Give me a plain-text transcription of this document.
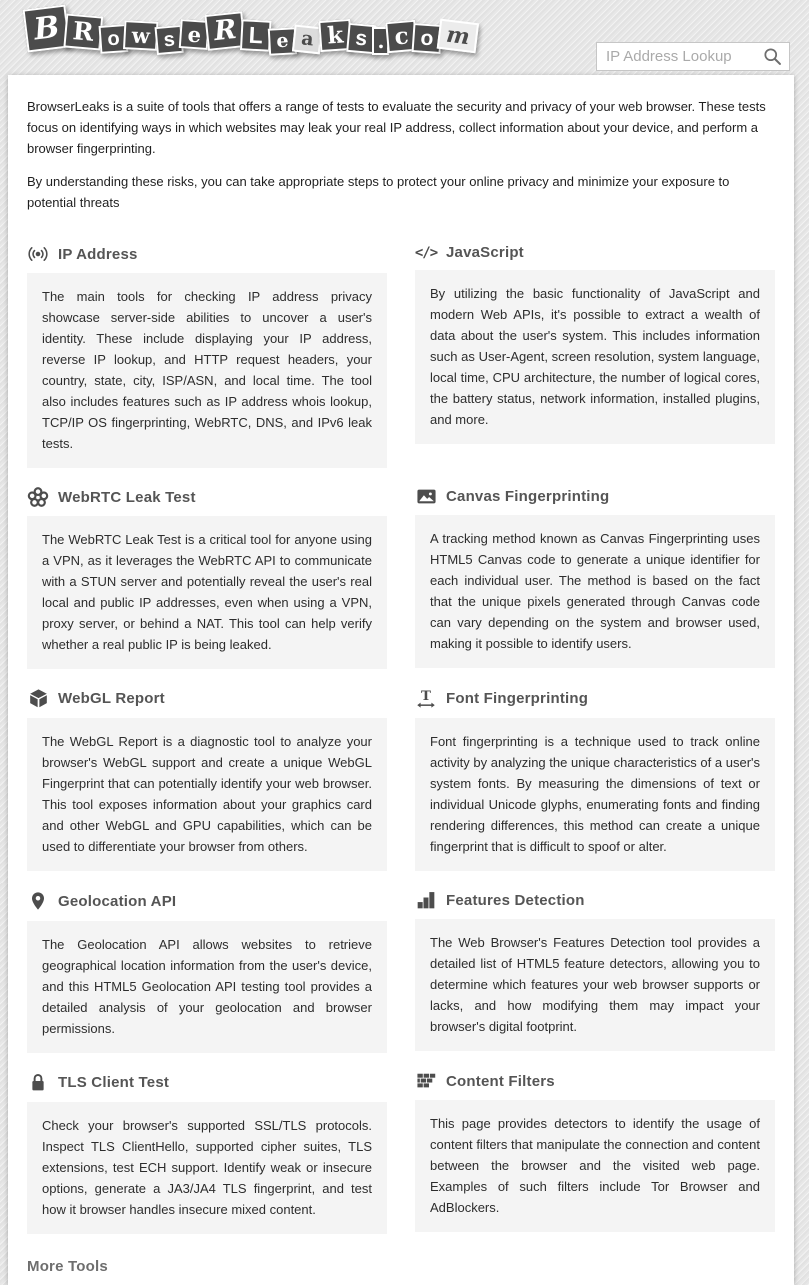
B R o w s e R L e a k s . c o m
IP Address Lookup

BrowserLeaks is a suite of tools that offers a range of tests to evaluate the security and privacy of your web browser. These tests focus on identifying ways in which websites may leak your real IP address, collect information about your device, and perform a browser fingerprinting.

By understanding these risks, you can take appropriate steps to protect your online privacy and minimize your exposure to potential threats

IP Address
The main tools for checking IP address privacy showcase server-side abilities to uncover a user's identity. These include displaying your IP address, reverse IP lookup, and HTTP request headers, your country, state, city, ISP/ASN, and local time. The tool also includes features such as IP address whois lookup, TCP/IP OS fingerprinting, WebRTC, DNS, and IPv6 leak tests.
</> JavaScript
By utilizing the basic functionality of JavaScript and modern Web APIs, it's possible to extract a wealth of data about the user's system. This includes information such as User-Agent, screen resolution, system language, local time, CPU architecture, the number of logical cores, the battery status, network information, installed plugins, and more.
WebRTC Leak Test
The WebRTC Leak Test is a critical tool for anyone using a VPN, as it leverages the WebRTC API to communicate with a STUN server and potentially reveal the user's real local and public IP addresses, even when using a VPN, proxy server, or behind a NAT. This tool can help verify whether a real public IP is being leaked.
Canvas Fingerprinting
A tracking method known as Canvas Fingerprinting uses HTML5 Canvas code to generate a unique identifier for each individual user. The method is based on the fact that the unique pixels generated through Canvas code can vary depending on the system and browser used, making it possible to identify users.
WebGL Report
The WebGL Report is a diagnostic tool to analyze your browser's WebGL support and create a unique WebGL Fingerprint that can potentially identify your web browser. This tool exposes information about your graphics card and other WebGL and GPU capabilities, which can be used to differentiate your browser from others.
T Font Fingerprinting
Font fingerprinting is a technique used to track online activity by analyzing the unique characteristics of a user's system fonts. By measuring the dimensions of text or individual Unicode glyphs, enumerating fonts and finding rendering differences, this method can create a unique fingerprint that is difficult to spoof or alter.
Geolocation API
The Geolocation API allows websites to retrieve geographical location information from the user's device, and this HTML5 Geolocation API testing tool provides a detailed analysis of your geolocation and browser permissions.
Features Detection
The Web Browser's Features Detection tool provides a detailed list of HTML5 feature detectors, allowing you to determine which features your web browser supports or lacks, and how modifying them may impact your browser's digital footprint.
TLS Client Test
Check your browser's supported SSL/TLS protocols. Inspect TLS ClientHello, supported cipher suites, TLS extensions, test ECH support. Identify weak or insecure options, generate a JA3/JA4 TLS fingerprint, and test how it browser handles insecure mixed content.
Content Filters
This page provides detectors to identify the usage of content filters that manipulate the connection and content between the browser and the visited web page. Examples of such filters include Tor Browser and AdBlockers.
More Tools
